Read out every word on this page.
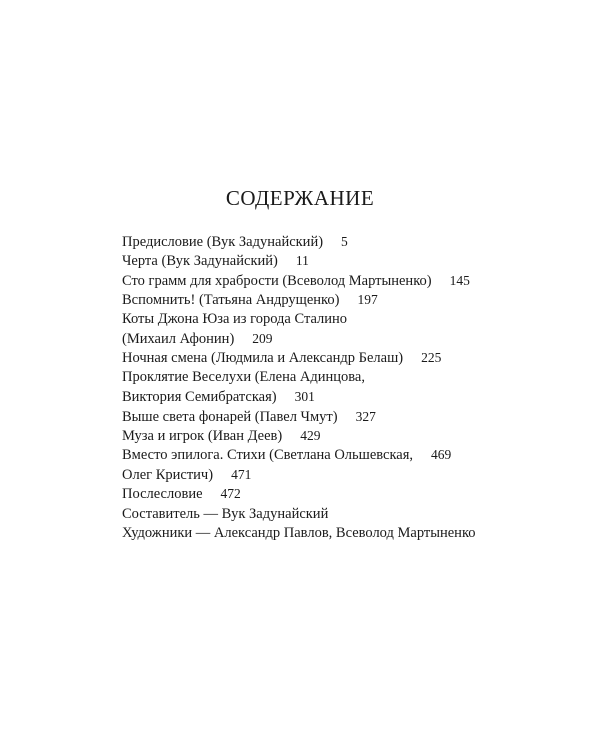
СОДЕРЖАНИЕ
Предисловие (Вук Задунайский) 5
Черта (Вук Задунайский) 11
Сто грамм для храбрости (Всеволод Мартыненко) 145
Вспомнить! (Татьяна Андрущенко) 197
Коты Джона Юза из города Сталино
(Михаил Афонин) 209
Ночная смена (Людмила и Александр Белаш) 225
Проклятие Веселухи (Елена Адинцова,
Виктория Семибратская) 301
Выше света фонарей (Павел Чмут) 327
Муза и игрок (Иван Деев) 429
Вместо эпилога. Стихи (Светлана Ольшевская, 469
Олег Кристич) 471
Послесловие 472
Составитель — Вук Задунайский
Художники — Александр Павлов, Всеволод Мартыненко
